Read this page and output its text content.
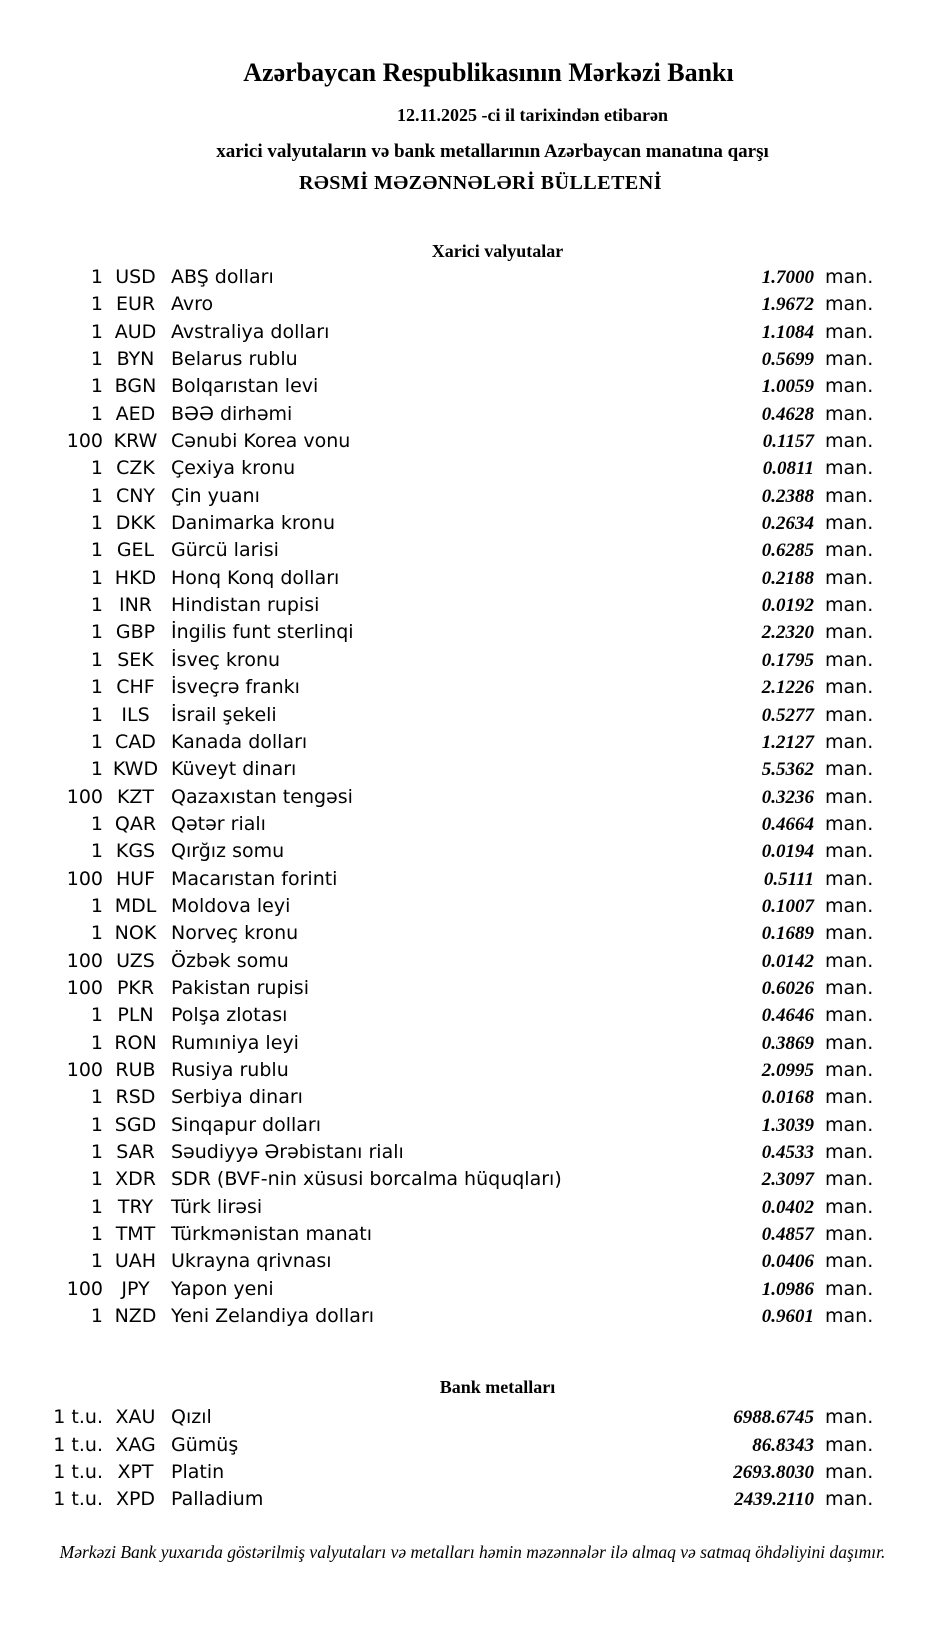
Azərbaycan Respublikasının Mərkəzi Bankı
12.11.2025 -ci il tarixindən etibarən
xarici valyutaların və bank metallarının Azərbaycan manatına qarşı
RƏSMİ MƏZƏNNƏLƏRİ BÜLLETENİ
Xarici valyutalar
1 USD ABŞ dolları	1.7000 man.
1 EUR Avro	1.9672 man.
1 AUD Avstraliya dolları	1.1084 man.
1 BYN Belarus rublu	0.5699 man.
1 BGN Bolqarıstan levi	1.0059 man.
1 AED BƏƏ dirhəmi	0.4628 man.
100 KRW Cənubi Korea vonu	0.1157 man.
1 CZK Çexiya kronu	0.0811 man.
1 CNY Çin yuanı	0.2388 man.
1 DKK Danimarka kronu	0.2634 man.
1 GEL Gürcü larisi	0.6285 man.
1 HKD Honq Konq dolları	0.2188 man.
1 INR Hindistan rupisi	0.0192 man.
1 GBP İngilis funt sterlinqi	2.2320 man.
1 SEK İsveç kronu	0.1795 man.
1 CHF İsveçrə frankı	2.1226 man.
1 ILS	İsrail şekeli	0.5277 man.
1 CAD Kanada dolları	1.2127 man.
1 KWD Küveyt dinarı	5.5362 man.
100 KZT Qazaxıstan tengəsi	0.3236 man.
1 QAR Qətər rialı	0.4664 man.
1 KGS Qırğız somu	0.0194 man.
100 HUF Macarıstan forinti	0.5111 man.
1 MDL Moldova leyi	0.1007 man.
1 NOK Norveç kronu	0.1689 man.
100 UZS Özbək somu	0.0142 man.
100 PKR Pakistan rupisi	0.6026 man.
1 PLN Polşa zlotası	0.4646 man.
1 RON Rumıniya leyi	0.3869 man.
100 RUB Rusiya rublu	2.0995 man.
1 RSD Serbiya dinarı	0.0168 man.
1 SGD Sinqapur dolları	1.3039 man.
1 SAR Səudiyyə Ərəbistanı rialı	0.4533 man.
1 XDR SDR (BVF-nin xüsusi borcalma hüquqları)	2.3097 man.
1 TRY Türk lirəsi	0.0402 man.
1 TMT Türkmənistan manatı	0.4857 man.
1 UAH Ukrayna qrivnası	0.0406 man.
100 JPY	Yapon yeni	1.0986 man.
1 NZD Yeni Zelandiya dolları	0.9601 man.
Bank metalları
1 t.u. XAU Qızıl	6988.6745 man.
1 t.u. XAG Gümüş	86.8343 man.
1 t.u. XPT Platin	2693.8030 man.
1 t.u. XPD Palladium	2439.2110 man.
Mərkəzi Bank yuxarıda göstərilmiş valyutaları və metalları həmin məzənnələr ilə almaq və satmaq öhdəliyini daşımır.
